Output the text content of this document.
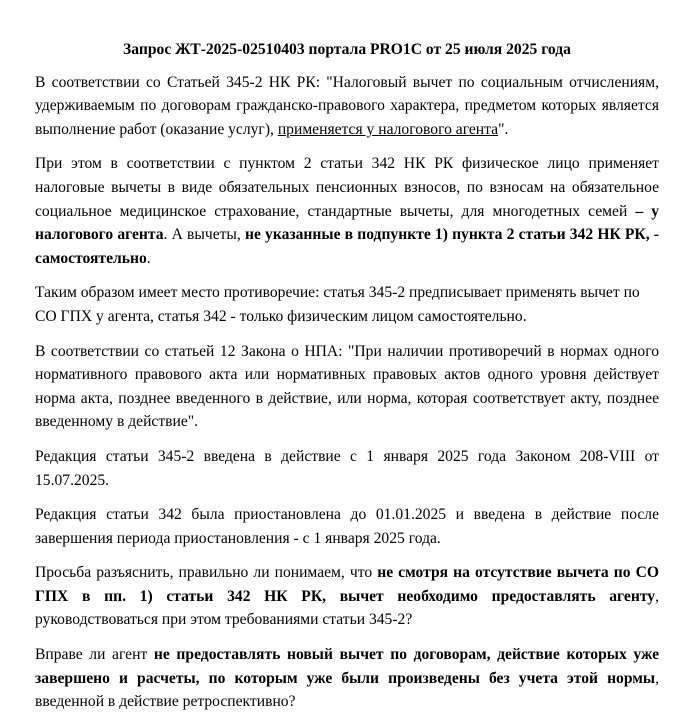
Запрос ЖТ-2025-02510403 портала PRO1C от 25 июля 2025 года

В соответствии со Статьей 345-2 НК РК: "Налоговый вычет по социальным отчислениям, удерживаемым по договорам гражданско-правового характера, предметом которых является выполнение работ (оказание услуг), применяется у налогового агента".

При этом в соответствии с пунктом 2 статьи 342 НК РК физическое лицо применяет налоговые вычеты в виде обязательных пенсионных взносов, по взносам на обязательное социальное медицинское страхование, стандартные вычеты, для многодетных семей – у налогового агента. А вычеты, не указанные в подпункте 1) пункта 2 статьи 342 НК РК, - самостоятельно.

Таким образом имеет место противоречие: статья 345-2 предписывает применять вычет по СО ГПХ у агента, статья 342 - только физическим лицом самостоятельно.

В соответствии со статьей 12 Закона о НПА: "При наличии противоречий в нормах одного нормативного правового акта или нормативных правовых актов одного уровня действует норма акта, позднее введенного в действие, или норма, которая соответствует акту, позднее введенному в действие".

Редакция статьи 345-2 введена в действие с 1 января 2025 года Законом 208-VIII от 15.07.2025.

Редакция статьи 342 была приостановлена до 01.01.2025 и введена в действие после завершения периода приостановления - с 1 января 2025 года.

Просьба разъяснить, правильно ли понимаем, что не смотря на отсутствие вычета по СО ГПХ в пп. 1) статьи 342 НК РК, вычет необходимо предоставлять агенту, руководствоваться при этом требованиями статьи 345-2?

Вправе ли агент не предоставлять новый вычет по договорам, действие которых уже завершено и расчеты, по которым уже были произведены без учета этой нормы, введенной в действие ретроспективно?
